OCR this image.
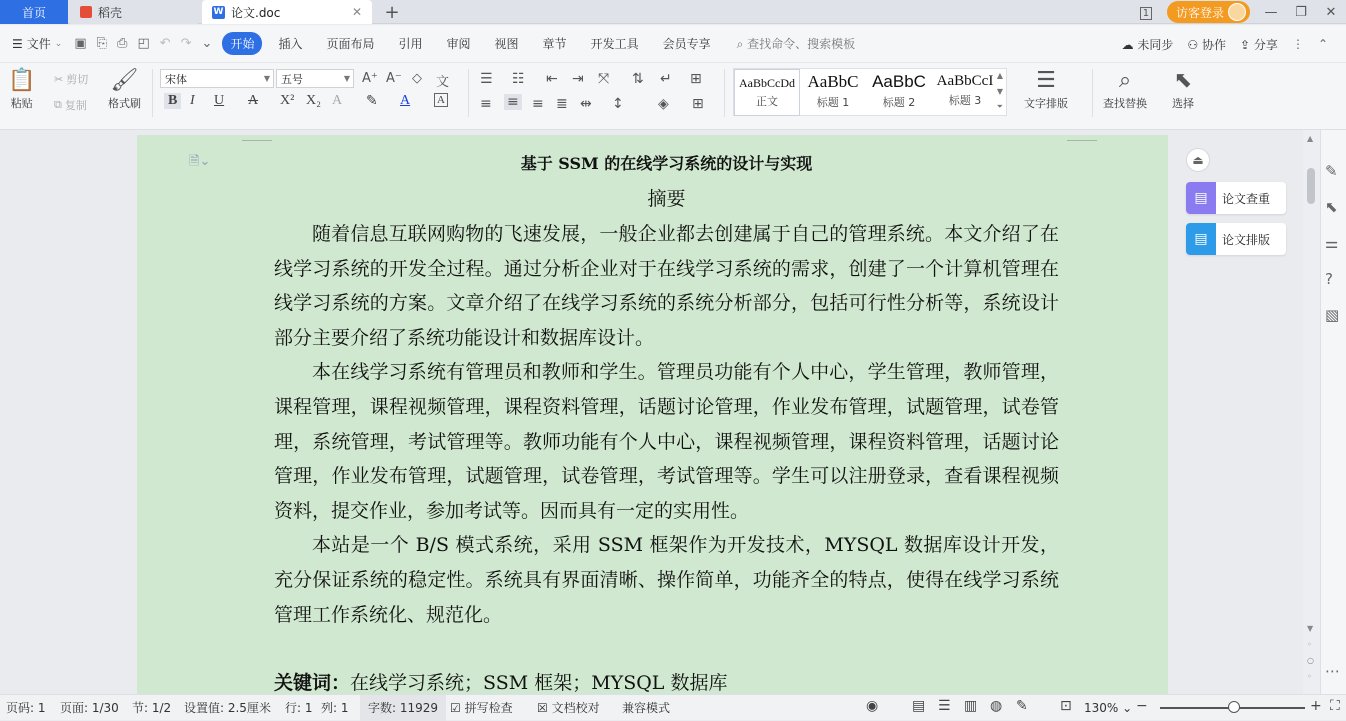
首页	稻壳	W 论文.doc	✕ +	1	访客登录	—	❐	✕
☰ 文件 ⌄ ▣ ⎘ ⎙ ◰ ↶ ↷ ⌄	开始	插入	页面布局	引用	审阅	视图	章节	开发工具	会员专享	⌕ 查找命令、搜索模板	☁ 未同步 ⚇ 协作 ⇪ 分享 ⋮ ⌃
📋
粘贴
✂ 剪切
⧉ 复制
🖌
格式刷
宋体	▼ 五号	▼ A⁺ A⁻ ◇ 文
B I U A X² X₂ A ✎ A A
☰ ☷ ⇤ ⇥ ⤧ ⇅ ↵ ⊞
≡ ≡ ≡ ≣ ⇹ ↕ ◈ ⊞
AaBbCcDd
正文
AaBbC
标题 1
AaBbC
标题 2
AaBbCcI
标题 3
▲
▼
⏷
☰
文字排版
⌕
查找替换
⬉
选择
基于 SSM 的在线学习系统的设计与实现
摘要

随着信息互联网购物的飞速发展，一般企业都去创建属于自己的管理系统。本文介绍了在线学习系统的开发全过程。通过分析企业对于在线学习系统的需求，创建了一个计算机管理在线学习系统的方案。文章介绍了在线学习系统的系统分析部分，包括可行性分析等，系统设计部分主要介绍了系统功能设计和数据库设计。

本在线学习系统有管理员和教师和学生。管理员功能有个人中心，学生管理，教师管理，课程管理，课程视频管理，课程资料管理，话题讨论管理，作业发布管理，试题管理，试卷管理，系统管理，考试管理等。教师功能有个人中心，课程视频管理，课程资料管理，话题讨论管理，作业发布管理，试题管理，试卷管理，考试管理等。学生可以注册登录，查看课程视频资料，提交作业，参加考试等。因而具有一定的实用性。

本站是一个 B/S 模式系统，采用 SSM 框架作为开发技术，MYSQL 数据库设计开发，充分保证系统的稳定性。系统具有界面清晰、操作简单，功能齐全的特点，使得在线学习系统管理工作系统化、规范化。

关键词：在线学习系统；SSM 框架；MYSQL 数据库

🗎⌄	⏏
▤	论文查重
▤	论文排版
▲
▼
◦
○
◦
✎
⬉
⚌
?
▧
⋯
页码: 1 页面: 1/30 节: 1/2 设置值: 2.5厘米 行: 1 列: 1	字数: 11929 ☑ 拼写检查 ☒ 文档校对 兼容模式	◉ ▤ ☰ ▥ ◍ ✎ ⊡ 130% ⌄ −	+ ⛶
